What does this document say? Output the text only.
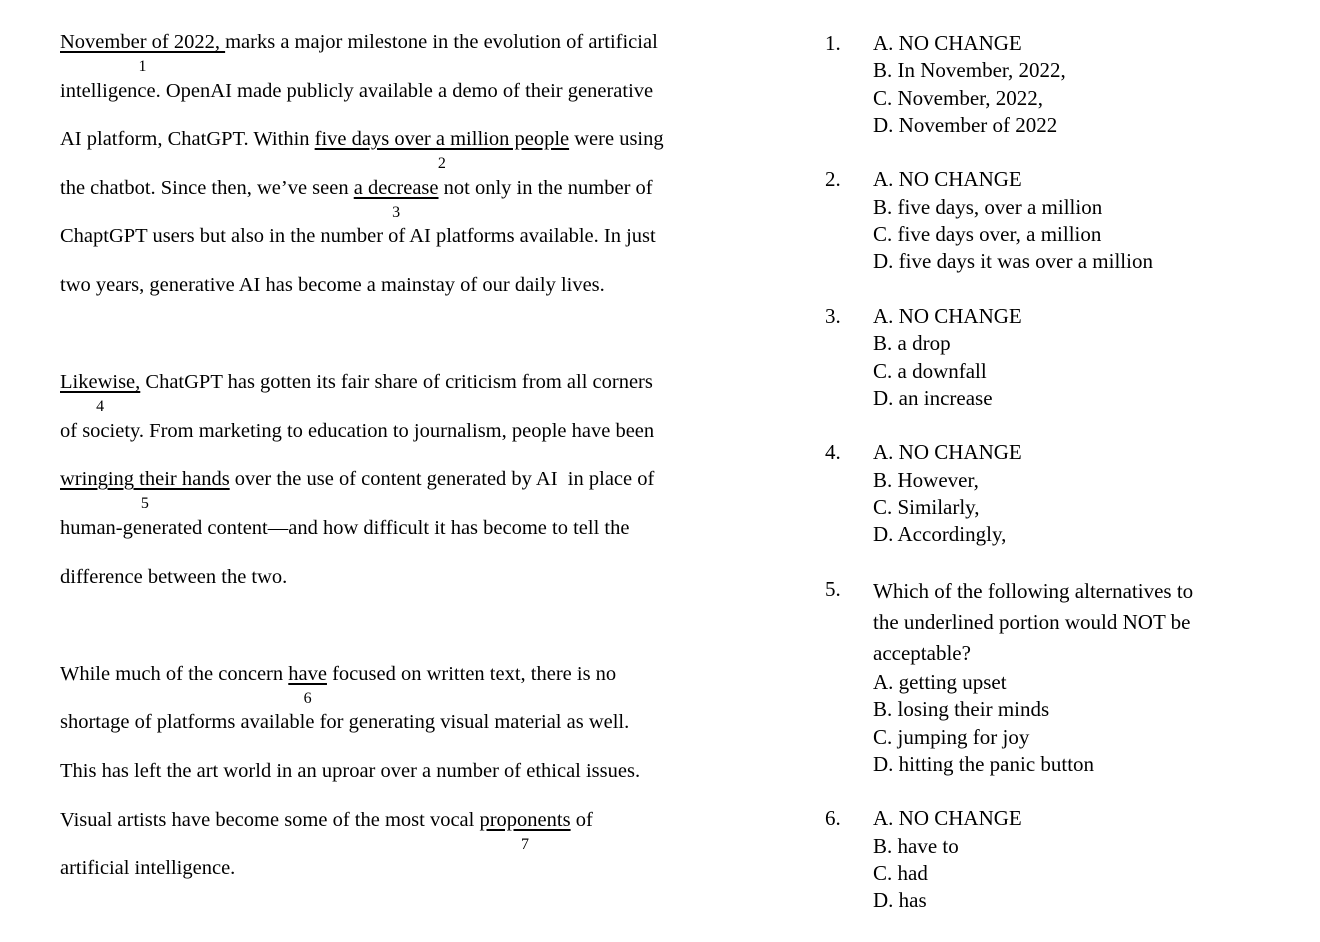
November of 2022,
1
marks a major milestone in the evolution of artificial
intelligence. OpenAI made publicly available a demo of their generative
AI platform, ChatGPT. Within five days over a million people
2
were using
the chatbot. Since then, we’ve seen a decrease
3
not only in the number of
ChaptGPT users but also in the number of AI platforms available. In just
two years, generative AI has become a mainstay of our daily lives.
Likewise,
4
ChatGPT has gotten its fair share of criticism from all corners
of society. From marketing to education to journalism, people have been
wringing their hands
5
over the use of content generated by AI  in place of
human-generated content—and how difficult it has become to tell the
difference between the two.
While much of the concern have
6
focused on written text, there is no
shortage of platforms available for generating visual material as well.
This has left the art world in an uproar over a number of ethical issues.
Visual artists have become some of the most vocal proponents
7
of
artificial intelligence.
1.	A. NO CHANGE
B. In November, 2022,
C. November, 2022,
D. November of 2022
2.	A. NO CHANGE
B. five days, over a million
C. five days over, a million
D. five days it was over a million
3.	A. NO CHANGE
B. a drop
C. a downfall
D. an increase
4.	A. NO CHANGE
B. However,
C. Similarly,
D. Accordingly,
5.	Which of the following alternatives to
the underlined portion would NOT be
acceptable?
A. getting upset
B. losing their minds
C. jumping for joy
D. hitting the panic button
6.	A. NO CHANGE
B. have to
C. had
D. has
